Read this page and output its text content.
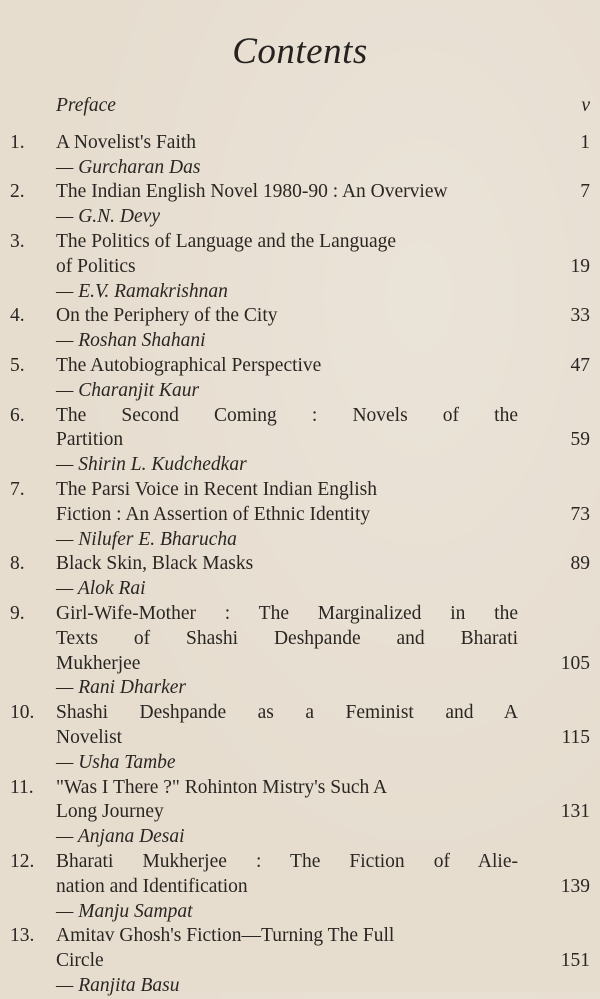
Contents
Preface	v
1. A Novelist's Faith	1
— Gurcharan Das
2. The Indian English Novel 1980-90 : An Overview	7
— G.N. Devy
3. The Politics of Language and the Language
of Politics	19
— E.V. Ramakrishnan
4. On the Periphery of the City	33
— Roshan Shahani
5. The Autobiographical Perspective	47
— Charanjit Kaur
6. The Second Coming : Novels of the
Partition	59
— Shirin L. Kudchedkar
7. The Parsi Voice in Recent Indian English
Fiction : An Assertion of Ethnic Identity	73
— Nilufer E. Bharucha
8. Black Skin, Black Masks	89
— Alok Rai
9. Girl-Wife-Mother : The Marginalized in the
Texts of Shashi Deshpande and Bharati
Mukherjee	105
— Rani Dharker
10. Shashi Deshpande as a Feminist and A
Novelist	115
— Usha Tambe
11. "Was I There ?" Rohinton Mistry's Such A
Long Journey	131
— Anjana Desai
12. Bharati Mukherjee : The Fiction of Alie-
nation and Identification	139
— Manju Sampat
13. Amitav Ghosh's Fiction—Turning The Full
Circle	151
— Ranjita Basu
